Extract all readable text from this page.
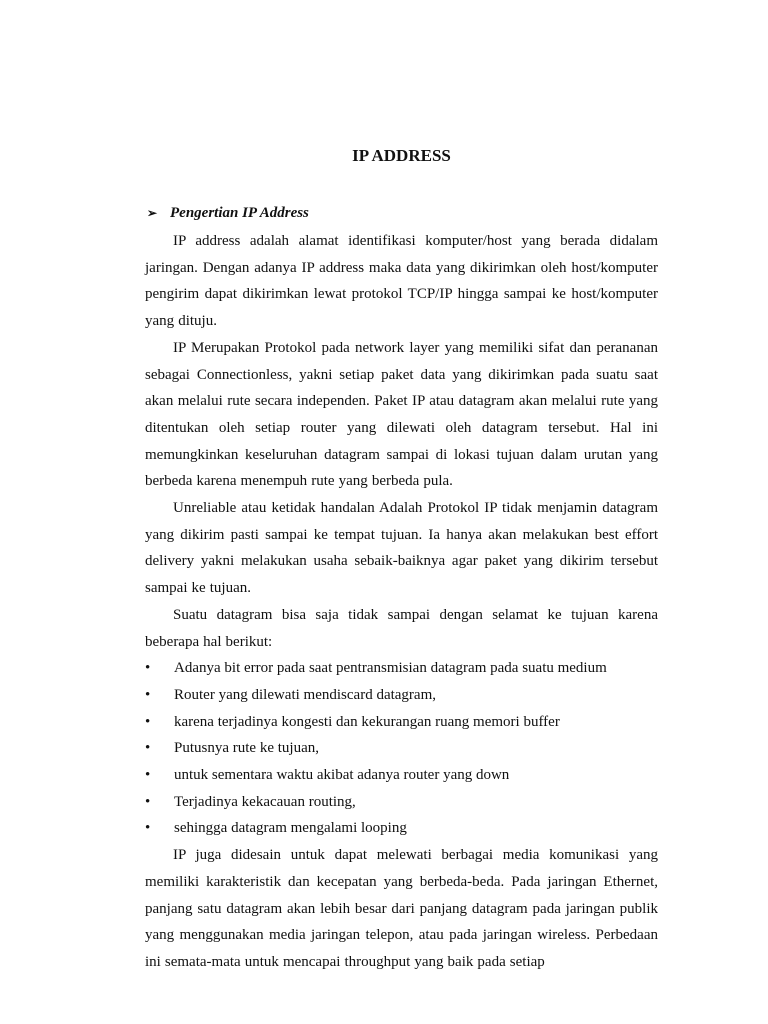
IP ADDRESS
➢ Pengertian IP Address

IP address adalah alamat identifikasi komputer/host yang berada didalam jaringan. Dengan adanya IP address maka data yang dikirimkan oleh host/komputer pengirim dapat dikirimkan lewat protokol TCP/IP hingga sampai ke host/komputer yang dituju.

IP Merupakan Protokol pada network layer yang memiliki sifat dan perananan sebagai Connectionless, yakni setiap paket data yang dikirimkan pada suatu saat akan melalui rute secara independen. Paket IP atau datagram akan melalui rute yang ditentukan oleh setiap router yang dilewati oleh datagram tersebut. Hal ini memungkinkan keseluruhan datagram sampai di lokasi tujuan dalam urutan yang berbeda karena menempuh rute yang berbeda pula.

Unreliable atau ketidak handalan Adalah Protokol IP tidak menjamin datagram yang dikirim pasti sampai ke tempat tujuan. Ia hanya akan melakukan best effort delivery yakni melakukan usaha sebaik-baiknya agar paket yang dikirim tersebut sampai ke tujuan.

Suatu datagram bisa saja tidak sampai dengan selamat ke tujuan karena beberapa hal berikut:

• Adanya bit error pada saat pentransmisian datagram pada suatu medium
• Router yang dilewati mendiscard datagram,
• karena terjadinya kongesti dan kekurangan ruang memori buffer
• Putusnya rute ke tujuan,
• untuk sementara waktu akibat adanya router yang down
• Terjadinya kekacauan routing,
• sehingga datagram mengalami looping

IP juga didesain untuk dapat melewati berbagai media komunikasi yang memiliki karakteristik dan kecepatan yang berbeda-beda. Pada jaringan Ethernet, panjang satu datagram akan lebih besar dari panjang datagram pada jaringan publik yang menggunakan media jaringan telepon, atau pada jaringan wireless. Perbedaan ini semata-mata untuk mencapai throughput yang baik pada setiap
